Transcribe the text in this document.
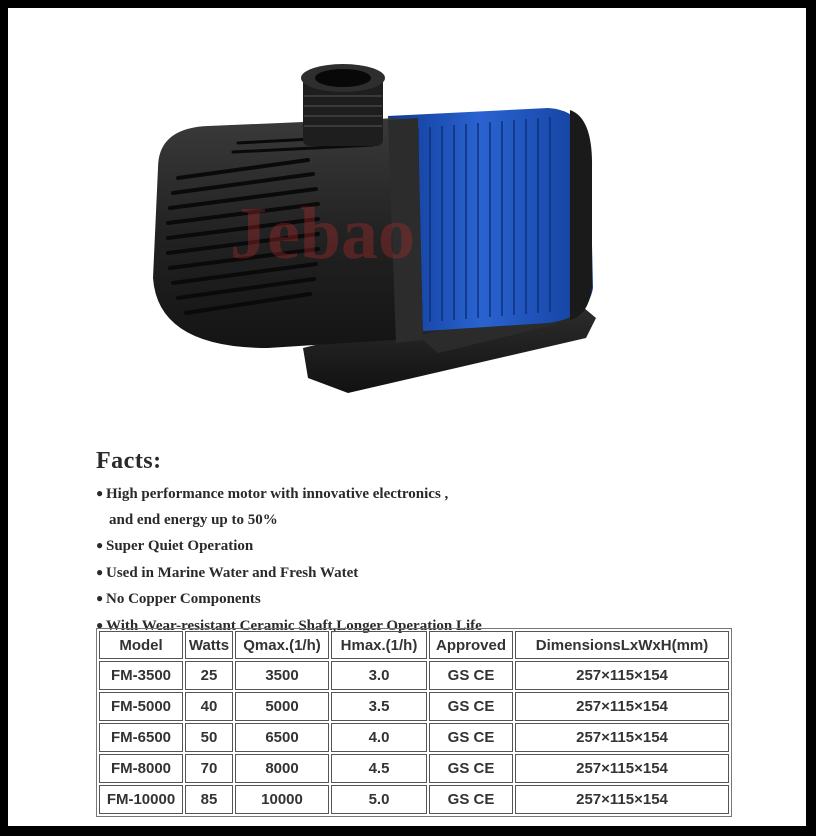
Jebao
Facts:
● High performance motor with innovative electronics ,
and end energy up to 50%
● Super Quiet Operation
● Used in Marine Water and Fresh Watet
● No Copper Components
● With Wear-resistant Ceramic Shaft,Longer Operation Life
Model	Watts	Qmax.(1/h)	Hmax.(1/h)	Approved	DimensionsLxWxH(mm)
FM-3500	25	3500	3.0	GS CE	257×115×154
FM-5000	40	5000	3.5	GS CE	257×115×154
FM-6500	50	6500	4.0	GS CE	257×115×154
FM-8000	70	8000	4.5	GS CE	257×115×154
FM-10000	85	10000	5.0	GS CE	257×115×154
